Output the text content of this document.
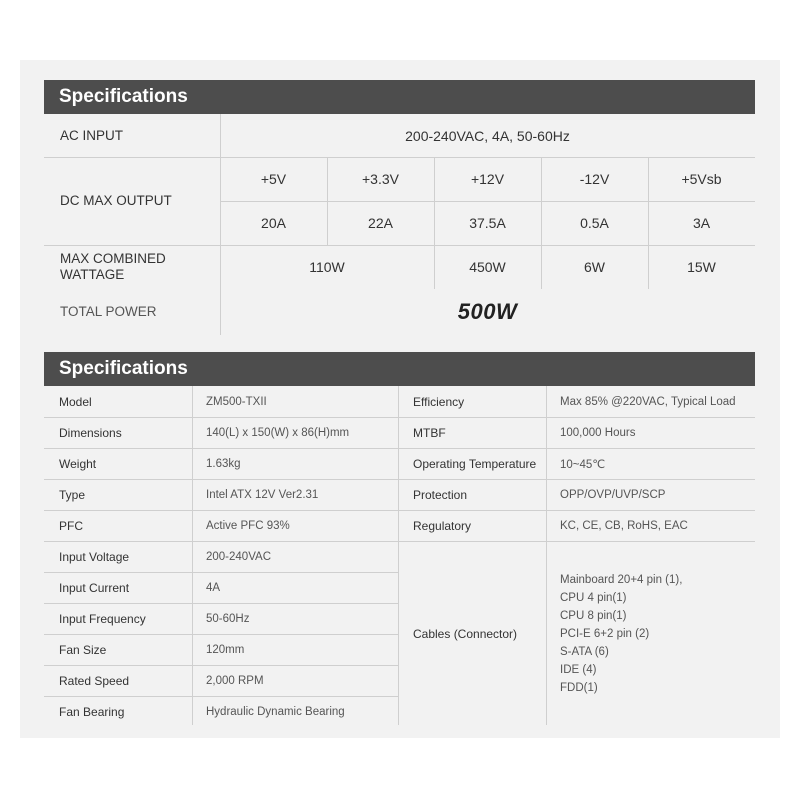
Specifications
AC INPUT	200-240VAC, 4A, 50-60Hz
DC MAX OUTPUT
+5V	+3.3V	+12V	-12V	+5Vsb
20A	22A	37.5A	0.5A	3A
MAX COMBINED
WATTAGE	110W	450W	6W	15W
TOTAL POWER	500W
Specifications
Model	ZM500-TXII
Dimensions	140(L) x 150(W) x 86(H)mm
Weight	1.63kg
Type	Intel ATX 12V Ver2.31
PFC	Active PFC 93%
Input Voltage	200-240VAC
Input Current	4A
Input Frequency	50-60Hz
Fan Size	120mm
Rated Speed	2,000 RPM
Fan Bearing	Hydraulic Dynamic Bearing
Efficiency	Max 85% @220VAC, Typical Load
MTBF	100,000 Hours
Operating Temperature	10~45℃
Protection	OPP/OVP/UVP/SCP
Regulatory	KC, CE, CB, RoHS, EAC
Cables (Connector)
Mainboard 20+4 pin (1),
CPU 4 pin(1)
CPU 8 pin(1)
PCI-E 6+2 pin (2)
S-ATA (6)
IDE (4)
FDD(1)
